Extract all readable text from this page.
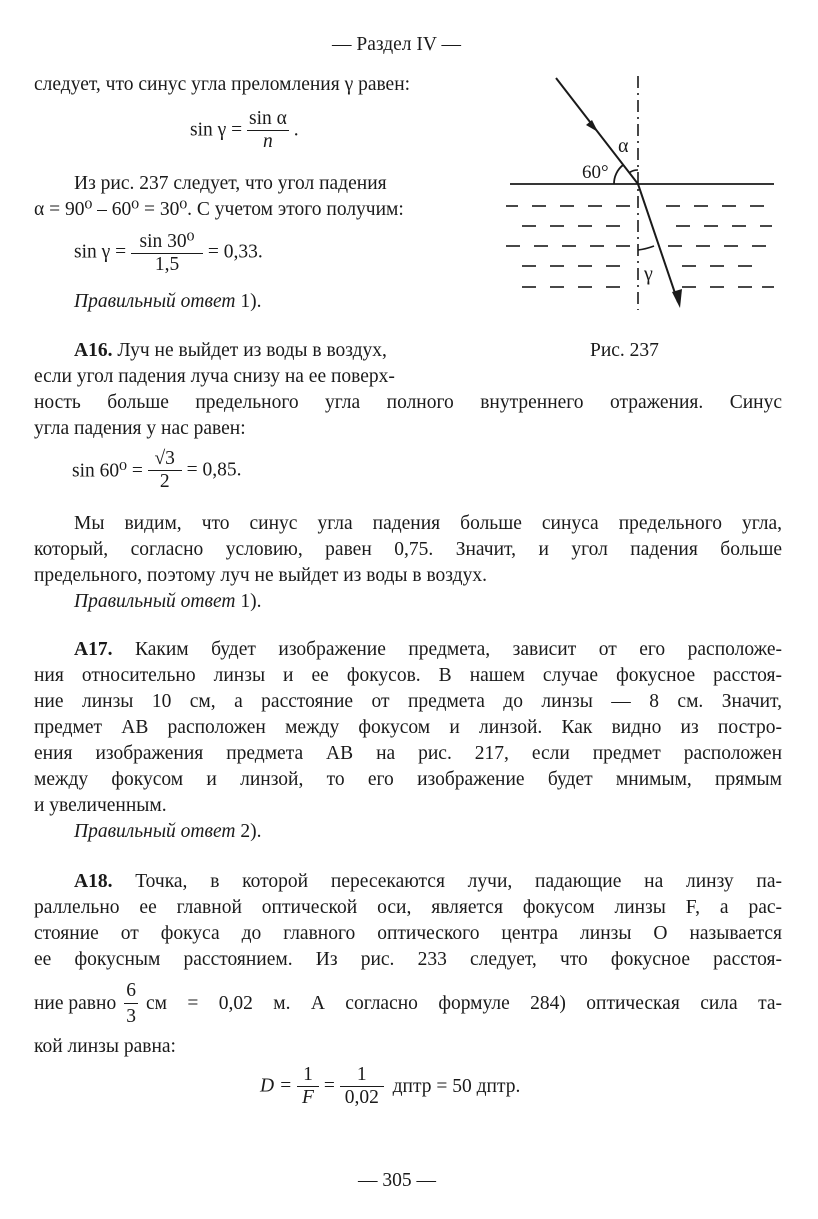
— Раздел IV —
следует, что синус угла преломления γ равен:
$\sin \gamma = \frac{\text{sin α}}{n}$ .
Из рис. 237 следует, что угол падения
α = 90⁰ – 60⁰ = 30⁰. С учетом этого получим:
$\sin \gamma = \frac{\text{sin 30⁰}}{1,5} = 0,33$.
Правильный ответ 1).
60°
α
γ
Рис. 237
А16. Луч не выйдет из воды в воздух,
если угол падения луча снизу на ее поверх-
ность больше предельного угла полного внутреннего отражения. Синус
угла падения у нас равен:
$\sin 60^0 = \frac{√3}{2} = 0,85$.
Мы видим, что синус угла падения больше синуса предельного угла,
который, согласно условию, равен 0,75. Значит, и угол падения больше
предельного, поэтому луч не выйдет из воды в воздух.
Правильный ответ 1).
А17. Каким будет изображение предмета, зависит от его расположе-
ния относительно линзы и ее фокусов. В нашем случае фокусное расстоя-
ние линзы 10 см, а расстояние от предмета до линзы — 8 см. Значит,
предмет АВ расположен между фокусом и линзой. Как видно из постро-
ения изображения предмета АВ на рис. 217, если предмет расположен
между фокусом и линзой, то его изображение будет мнимым, прямым
и увеличенным.
Правильный ответ 2).
А18. Точка, в которой пересекаются лучи, падающие на линзу па-
раллельно ее главной оптической оси, является фокусом линзы F, а рас-
стояние от фокуса до главного оптического центра линзы O называется
ее фокусным расстоянием. Из рис. 233 следует, что фокусное расстоя-
ние равно $\frac{6}{3}$ см = 0,02 м. А согласно формуле 284) оптическая сила та-
кой линзы равна:
$D = \frac{1}{F} = \frac{1}{0,02}$ дптр = 50 дптр.
— 305 —
